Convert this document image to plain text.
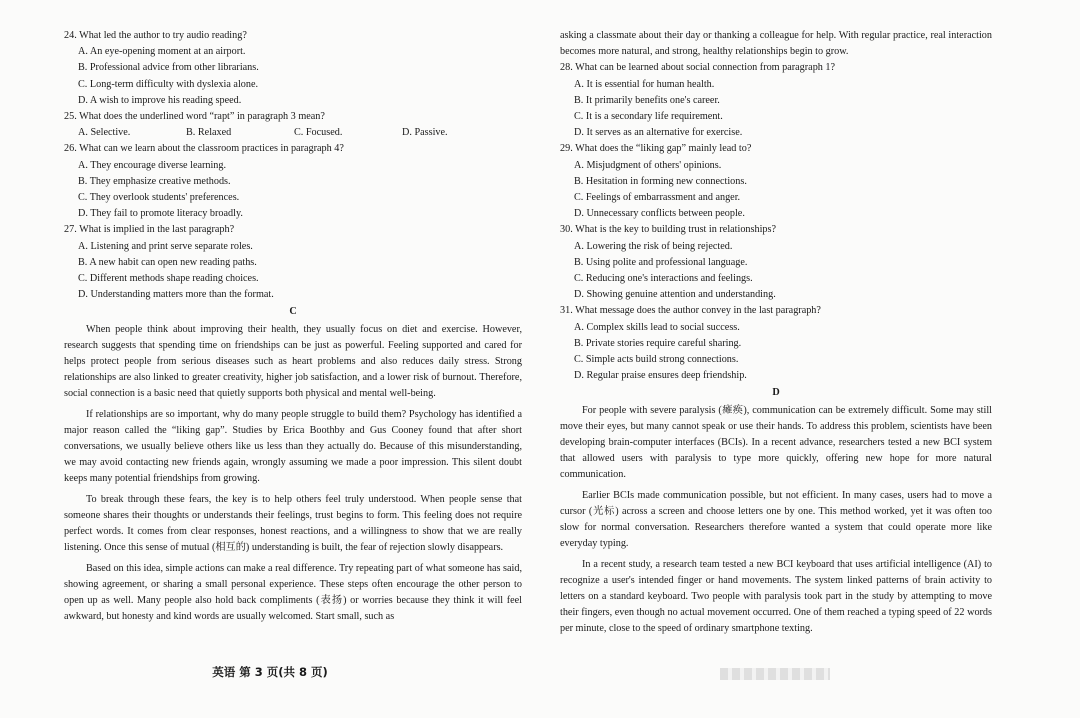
24. What led the author to try audio reading?

A. An eye-opening moment at an airport.

B. Professional advice from other librarians.

C. Long-term difficulty with dyslexia alone.

D. A wish to improve his reading speed.

25. What does the underlined word “rapt” in paragraph 3 mean?

A. Selective.	B. Relaxed	C. Focused.	D. Passive.

26. What can we learn about the classroom practices in paragraph 4?

A. They encourage diverse learning.

B. They emphasize creative methods.

C. They overlook students' preferences.

D. They fail to promote literacy broadly.

27. What is implied in the last paragraph?

A. Listening and print serve separate roles.

B. A new habit can open new reading paths.

C. Different methods shape reading choices.

D. Understanding matters more than the format.

C

When people think about improving their health, they usually focus on diet and exercise. However, research suggests that spending time on friendships can be just as powerful. Feeling supported and cared for helps protect people from serious diseases such as heart problems and also reduces daily stress. Strong relationships are also linked to greater creativity, higher job satisfaction, and a lower risk of burnout. Therefore, social connection is a basic need that quietly supports both physical and mental well-being.

If relationships are so important, why do many people struggle to build them? Psychology has identified a major reason called the “liking gap”. Studies by Erica Boothby and Gus Cooney found that after short conversations, we usually believe others like us less than they actually do. Because of this misunderstanding, we may avoid contacting new friends again, wrongly assuming we made a poor impression. This silent doubt keeps many potential friendships from growing.

To break through these fears, the key is to help others feel truly understood. When people sense that someone shares their thoughts or understands their feelings, trust begins to form. This feeling does not require perfect words. It comes from clear responses, honest reactions, and a willingness to show that we are really listening. Once this sense of mutual (相互的) understanding is built, the fear of rejection slowly disappears.

Based on this idea, simple actions can make a real difference. Try repeating part of what someone has said, showing agreement, or sharing a small personal experience. These steps often encourage the other person to open up as well. Many people also hold back compliments (表扬) or worries because they think it will feel awkward, but honesty and kind words are usually welcomed. Start small, such as

asking a classmate about their day or thanking a colleague for help. With regular practice, real interaction becomes more natural, and strong, healthy relationships begin to grow.

28. What can be learned about social connection from paragraph 1?

A. It is essential for human health.

B. It primarily benefits one's career.

C. It is a secondary life requirement.

D. It serves as an alternative for exercise.

29. What does the “liking gap” mainly lead to?

A. Misjudgment of others' opinions.

B. Hesitation in forming new connections.

C. Feelings of embarrassment and anger.

D. Unnecessary conflicts between people.

30. What is the key to building trust in relationships?

A. Lowering the risk of being rejected.

B. Using polite and professional language.

C. Reducing one's interactions and feelings.

D. Showing genuine attention and understanding.

31. What message does the author convey in the last paragraph?

A. Complex skills lead to social success.

B. Private stories require careful sharing.

C. Simple acts build strong connections.

D. Regular praise ensures deep friendship.

D

For people with severe paralysis (瘫痪), communication can be extremely difficult. Some may still move their eyes, but many cannot speak or use their hands. To address this problem, scientists have been developing brain-computer interfaces (BCIs). In a recent advance, researchers tested a new BCI system that allowed users with paralysis to type more quickly, offering new hope for more natural communication.

Earlier BCIs made communication possible, but not efficient. In many cases, users had to move a cursor (光标) across a screen and choose letters one by one. This method worked, yet it was often too slow for normal conversation. Researchers therefore wanted a system that could operate more like everyday typing.

In a recent study, a research team tested a new BCI keyboard that uses artificial intelligence (AI) to recognize a user's intended finger or hand movements. The system linked patterns of brain activity to letters on a standard keyboard. Two people with paralysis took part in the study by attempting to move their fingers, even though no actual movement occurred. One of them reached a typing speed of 22 words per minute, close to the speed of ordinary smartphone texting.

英语 第 3 页(共 8 页)
